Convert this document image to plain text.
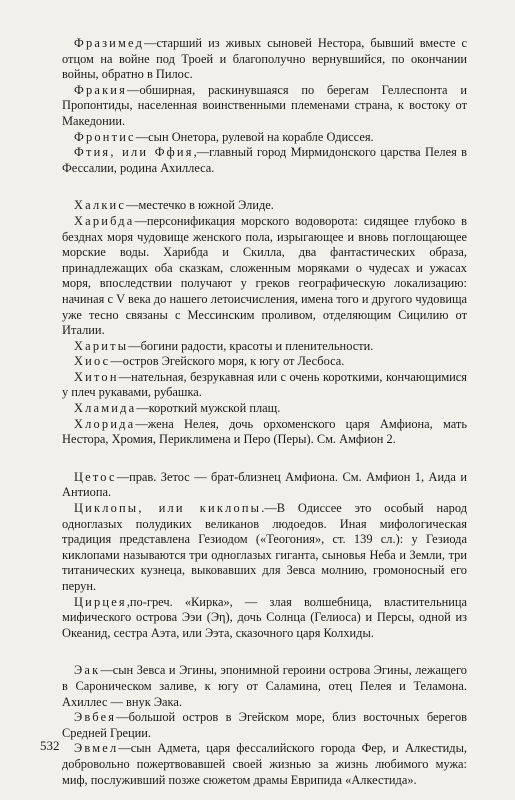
Фразимед—старший из живых сыновей Нестора, бывший вместе с отцом на войне под Троей и благополучно вернувшийся, по окончании войны, обратно в Пилос.

Фракия—обширная, раскинувшаяся по берегам Геллеспонта и Пропонтиды, населенная воинственными племенами страна, к востоку от Македонии.

Фронтис—сын Онетора, рулевой на корабле Одиссея.

Фтия, или Ффия,—главный город Мирмидонского царства Пелея в Фессалии, родина Ахиллеса.

Халкис—местечко в южной Элиде.

Харибда—персонификация морского водоворота: сидящее глубоко в безднах моря чудовище женского пола, изрыгающее и вновь поглощающее морские воды. Харибда и Скилла, два фантастических образа, принадлежащих оба сказкам, сложенным моряками о чудесах и ужасах моря, впоследствии получают у греков географическую локализацию: начиная с V века до нашего летоисчисления, имена того и другого чудовища уже тесно связаны с Мессинским проливом, отделяющим Сицилию от Италии.

Хариты—богини радости, красоты и пленительности.

Хиос—остров Эгейского моря, к югу от Лесбоса.

Хитон—нательная, безрукавная или с очень короткими, кончающимися у плеч рукавами, рубашка.

Хламида—короткий мужской плащ.

Хлорида—жена Нелея, дочь орхоменского царя Амфиона, мать Нестора, Хромия, Периклимена и Перо (Перы). См. Амфион 2.

Цетос—прав. Зетос — брат-близнец Амфиона. См. Амфион 1, Аида и Антиопа.

Циклопы, или киклопы.—В Одиссее это особый народ одноглазых полудиких великанов людоедов. Иная мифологическая традиция представлена Гезиодом («Теогония», ст. 139 сл.): у Гезиода киклопами называются три одноглазых гиганта, сыновья Неба и Земли, три титанических кузнеца, выковавших для Зевса молнию, громоносный его перун.

Цирцея,по-греч. «Кирка», — злая волшебница, властительница мифического острова Ээи (Эη), дочь Солнца (Гелиоса) и Персы, одной из Океанид, сестра Аэта, или Ээта, сказочного царя Колхиды.

Эак—сын Зевса и Эгины, эпонимной героини острова Эгины, лежащего в Сароническом заливе, к югу от Саламина, отец Пелея и Теламона. Ахиллес — внук Эака.

Эвбея—большой остров в Эгейском море, близ восточных берегов Средней Греции.

Эвмел—сын Адмета, царя фессалийского города Фер, и Алкестиды, добровольно пожертвовавшей своей жизнью за жизнь любимого мужа: миф, послуживший позже сюжетом драмы Еврипида «Алкестида».

532
